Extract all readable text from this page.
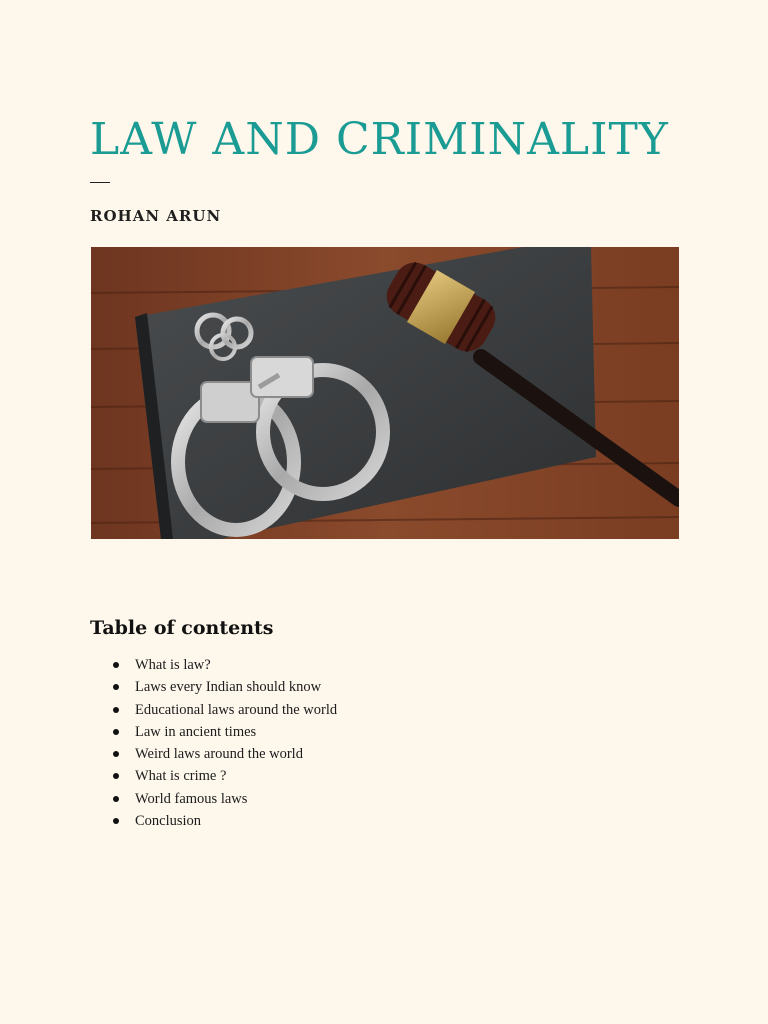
LAW AND CRIMINALITY
ROHAN ARUN
Table of contents
What is law?
Laws every Indian should know
Educational laws around the world
Law in ancient times
Weird laws around the world
What is crime ?
World famous laws
Conclusion
